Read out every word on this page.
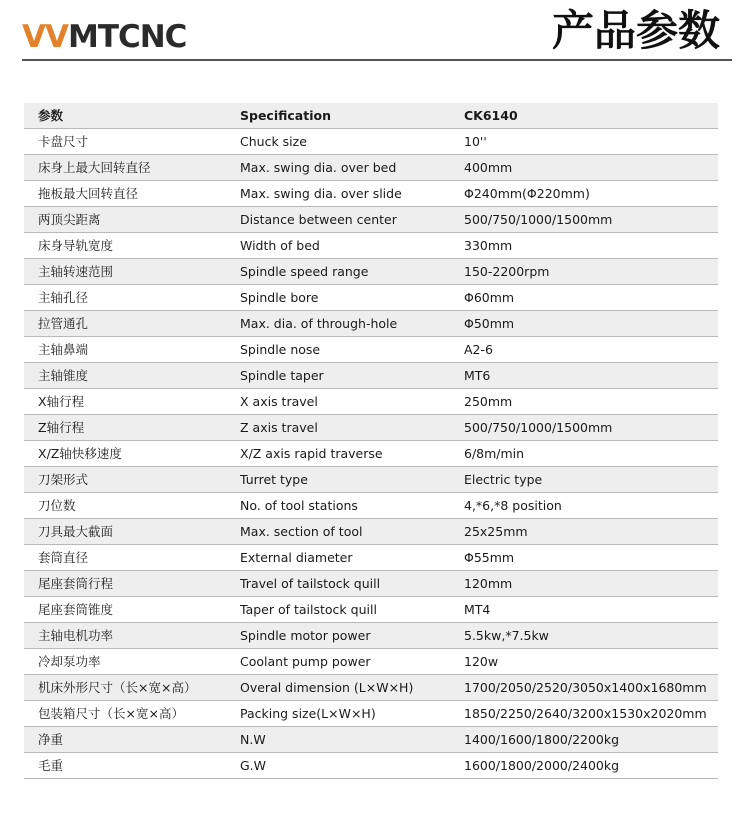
VVMTCNC	产品参数
参数	Specification	CK6140
卡盘尺寸	Chuck size	10''
床身上最大回转直径	Max. swing dia. over bed	400mm
拖板最大回转直径	Max. swing dia. over slide	Φ240mm(Φ220mm)
两顶尖距离	Distance between center	500/750/1000/1500mm
床身导轨宽度	Width of bed	330mm
主轴转速范围	Spindle speed range	150-2200rpm
主轴孔径	Spindle bore	Φ60mm
拉管通孔	Max. dia. of through-hole	Φ50mm
主轴鼻端	Spindle nose	A2-6
主轴锥度	Spindle taper	MT6
X轴行程	X axis travel	250mm
Z轴行程	Z axis travel	500/750/1000/1500mm
X/Z轴快移速度	X/Z axis rapid traverse	6/8m/min
刀架形式	Turret type	Electric type
刀位数	No. of tool stations	4,*6,*8 position
刀具最大截面	Max. section of tool	25x25mm
套筒直径	External diameter	Φ55mm
尾座套筒行程	Travel of tailstock quill	120mm
尾座套筒锥度	Taper of tailstock quill	MT4
主轴电机功率	Spindle motor power	5.5kw,*7.5kw
冷却泵功率	Coolant pump power	120w
机床外形尺寸（长×宽×高）	Overal dimension (L×W×H)	1700/2050/2520/3050x1400x1680mm
包装箱尺寸（长×宽×高）	Packing size(L×W×H)	1850/2250/2640/3200x1530x2020mm
净重	N.W	1400/1600/1800/2200kg
毛重	G.W	1600/1800/2000/2400kg
